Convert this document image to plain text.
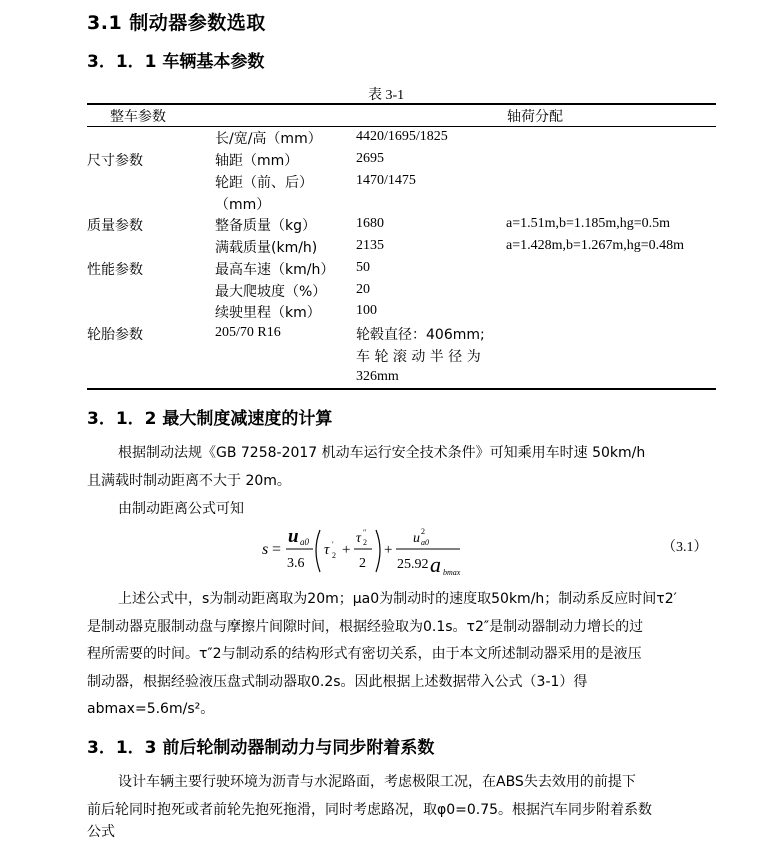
3.1 制动器参数选取
3．1．1 车辆基本参数
表 3-1
整车参数	轴荷分配
尺寸参数
长/宽/高（mm） 4420/1695/1825
轴距（mm）	2695
轮距（前、后）	1470/1475
（mm）
质量参数	整备质量（kg）	1680	a=1.51m,b=1.185m,hg=0.5m
满载质量(km/h)	2135	a=1.428m,b=1.267m,hg=0.48m
性能参数	最高车速（km/h） 50
最大爬坡度（%） 20
续驶里程（km）	100
轮胎参数	205/70 R16	轮毂直径：406mm;
车 轮 滚 动 半 径 为
326mm
3．1．2 最大制度减速度的计算
根据制动法规《GB 7258-2017 机动车运行安全技术条件》可知乘用车时速 50km/h
且满载时制动距离不大于 20m。
由制动距离公式可知
s =
u a0
3.6
τ 2
′ +
τ 2
″
2
+
u 2
a0
25.92 a bmax
（3.1）
上述公式中，s为制动距离取为20m；μa0为制动时的速度取50km/h；制动系反应时间τ2′
是制动器克服制动盘与摩擦片间隙时间，根据经验取为0.1s。τ2″是制动器制动力增长的过
程所需要的时间。τ″2与制动系的结构形式有密切关系，由于本文所述制动器采用的是液压
制动器，根据经验液压盘式制动器取0.2s。因此根据上述数据带入公式（3-1）得
abmax=5.6m/s²。
3．1．3 前后轮制动器制动力与同步附着系数
设计车辆主要行驶环境为沥青与水泥路面，考虑极限工况，在ABS失去效用的前提下
前后轮同时抱死或者前轮先抱死拖滑，同时考虑路况，取φ0=0.75。根据汽车同步附着系数
公式
